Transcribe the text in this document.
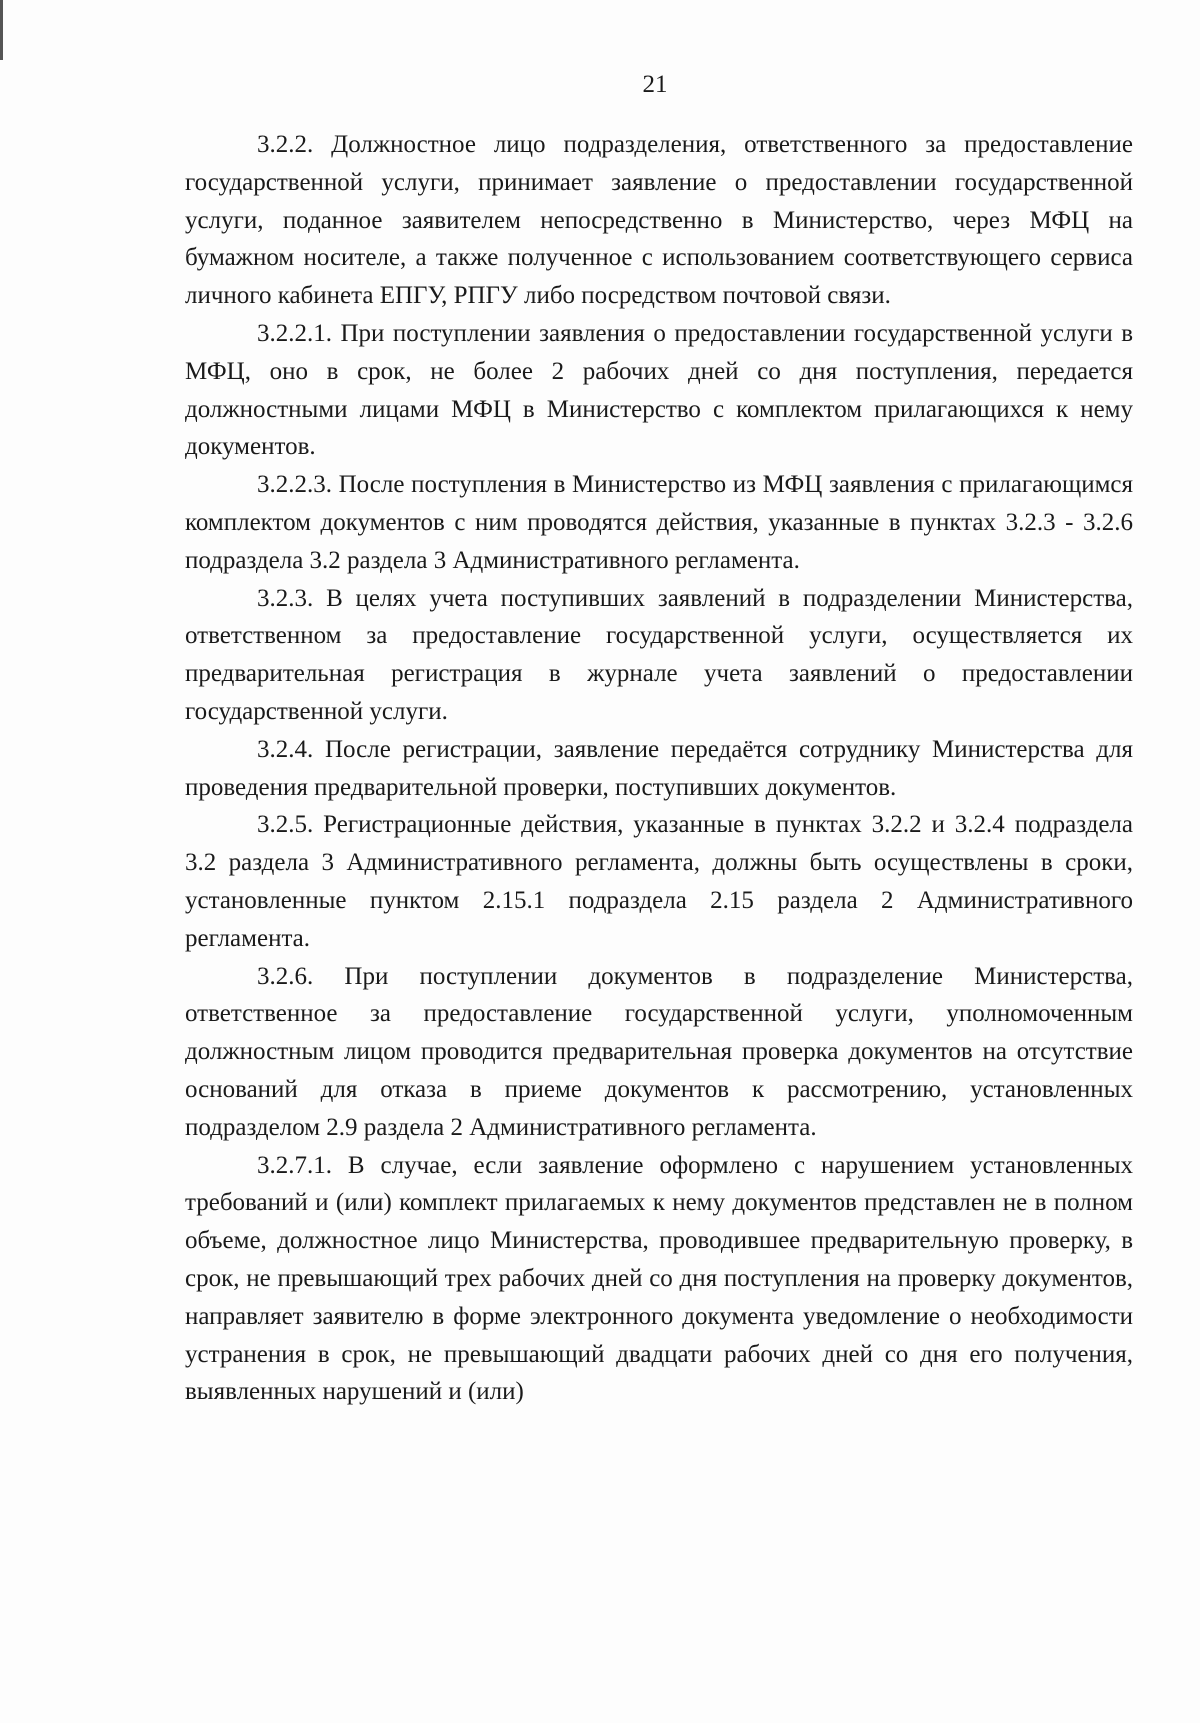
21

3.2.2. Должностное лицо подразделения, ответственного за предоставление государственной услуги, принимает заявление о предоставлении государственной услуги, поданное заявителем непосредственно в Министерство, через МФЦ на бумажном носителе, а также полученное с использованием соответствующего сервиса личного кабинета ЕПГУ, РПГУ либо посредством почтовой связи.

3.2.2.1. При поступлении заявления о предоставлении государственной услуги в МФЦ, оно в срок, не более 2 рабочих дней со дня поступления, передается должностными лицами МФЦ в Министерство с комплектом прилагающихся к нему документов.

3.2.2.3. После поступления в Министерство из МФЦ заявления с прилагающимся комплектом документов с ним проводятся действия, указанные в пунктах 3.2.3 - 3.2.6 подраздела 3.2 раздела 3 Административного регламента.

3.2.3. В целях учета поступивших заявлений в подразделении Министерства, ответственном за предоставление государственной услуги, осуществляется их предварительная регистрация в журнале учета заявлений о предоставлении государственной услуги.

3.2.4. После регистрации, заявление передаётся сотруднику Министерства для проведения предварительной проверки, поступивших документов.

3.2.5. Регистрационные действия, указанные в пунктах 3.2.2 и 3.2.4 подраздела 3.2 раздела 3 Административного регламента, должны быть осуществлены в сроки, установленные пунктом 2.15.1 подраздела 2.15 раздела 2 Административного регламента.

3.2.6. При поступлении документов в подразделение Министерства, ответственное за предоставление государственной услуги, уполномоченным должностным лицом проводится предварительная проверка документов на отсутствие оснований для отказа в приеме документов к рассмотрению, установленных подразделом 2.9 раздела 2 Административного регламента.

3.2.7.1. В случае, если заявление оформлено с нарушением установленных требований и (или) комплект прилагаемых к нему документов представлен не в полном объеме, должностное лицо Министерства, проводившее предварительную проверку, в срок, не превышающий трех рабочих дней со дня поступления на проверку документов, направляет заявителю в форме электронного документа уведомление о необходимости устранения в срок, не превышающий двадцати рабочих дней со дня его получения, выявленных нарушений и (или)
